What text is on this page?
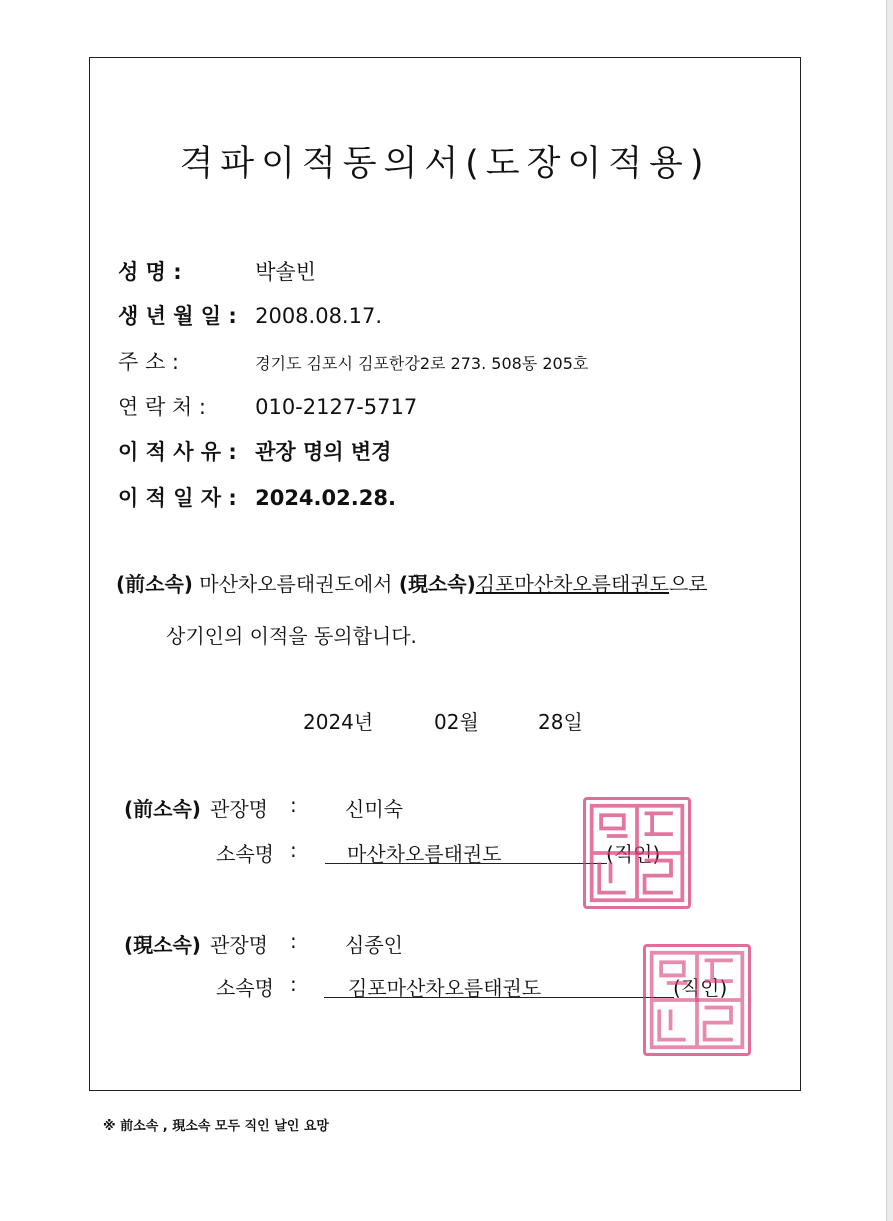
격파이적동의서(도장이적용)
성 명 :	박솔빈
생 년 월 일 : 2008.08.17.
주 소 :	경기도 김포시 김포한강2로 273. 508동 205호
연 락 처 : 010-2127-5717
이 적 사 유 : 관장 명의 변경
이 적 일 자 : 2024.02.28.
(前소속) 마산차오름태권도에서 (現소속)김포마산차오름태권도으로
상기인의 이적을 동의합니다.
2024년	02월	28일
(前소속) 관장명 : 신미숙
소속명 :	마산차오름태권도	(직인)
(現소속) 관장명 : 심종인
소속명 :	김포마산차오름태권도	(직인)
※ 前소속 , 現소속 모두 직인 날인 요망
